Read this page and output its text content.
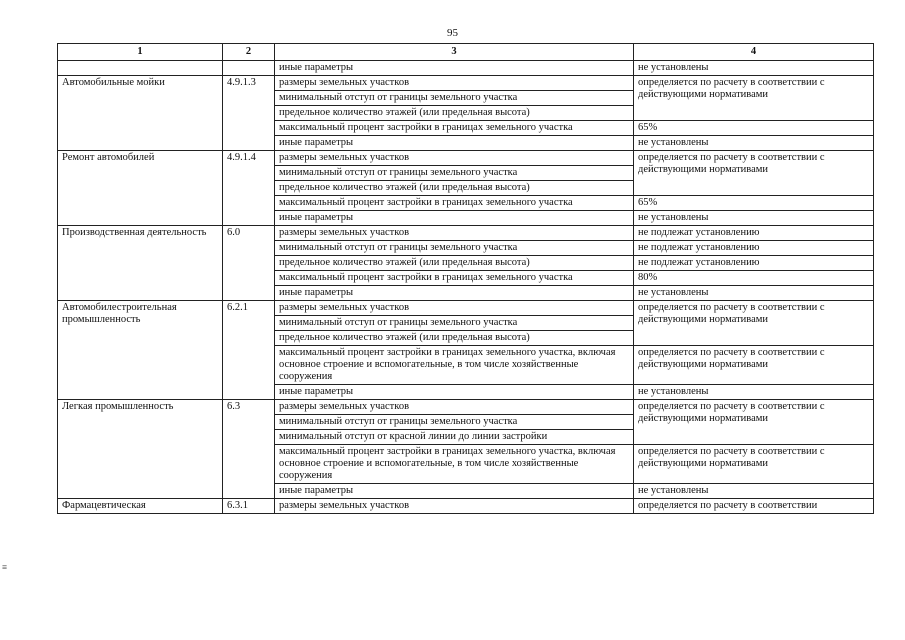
95
1	2	3	4
		иные параметры	не установлены
Автомобильные мойки	4.9.1.3	размеры земельных участков	определяется по расчету в соответствии с действующими нормативами
		минимальный отступ от границы земельного участка	
		предельное количество этажей (или предельная высота)	
		максимальный процент застройки в границах земельного участка	65%
		иные параметры	не установлены
Ремонт автомобилей	4.9.1.4	размеры земельных участков	определяется по расчету в соответствии с действующими нормативами
		минимальный отступ от границы земельного участка	
		предельное количество этажей (или предельная высота)	
		максимальный процент застройки в границах земельного участка	65%
		иные параметры	не установлены
Производственная деятельность	6.0	размеры земельных участков	не подлежат установлению
		минимальный отступ от границы земельного участка	не подлежат установлению
		предельное количество этажей (или предельная высота)	не подлежат установлению
		максимальный процент застройки в границах земельного участка	80%
		иные параметры	не установлены
Автомобилестроительная промышленность	6.2.1	размеры земельных участков	определяется по расчету в соответствии с действующими нормативами
		минимальный отступ от границы земельного участка	
		предельное количество этажей (или предельная высота)	
		максимальный процент застройки в границах земельного участка, включая основное строение и вспомогательные, в том числе хозяйственные сооружения	определяется по расчету в соответствии с действующими нормативами
		иные параметры	не установлены
Легкая промышленность	6.3	размеры земельных участков	определяется по расчету в соответствии с действующими нормативами
		минимальный отступ от границы земельного участка	
		минимальный отступ от красной линии до линии застройки	
		максимальный процент застройки в границах земельного участка, включая основное строение и вспомогательные, в том числе хозяйственные сооружения	определяется по расчету в соответствии с действующими нормативами
		иные параметры	не установлены
Фармацевтическая	6.3.1	размеры земельных участков	определяется по расчету в соответствии
≡
